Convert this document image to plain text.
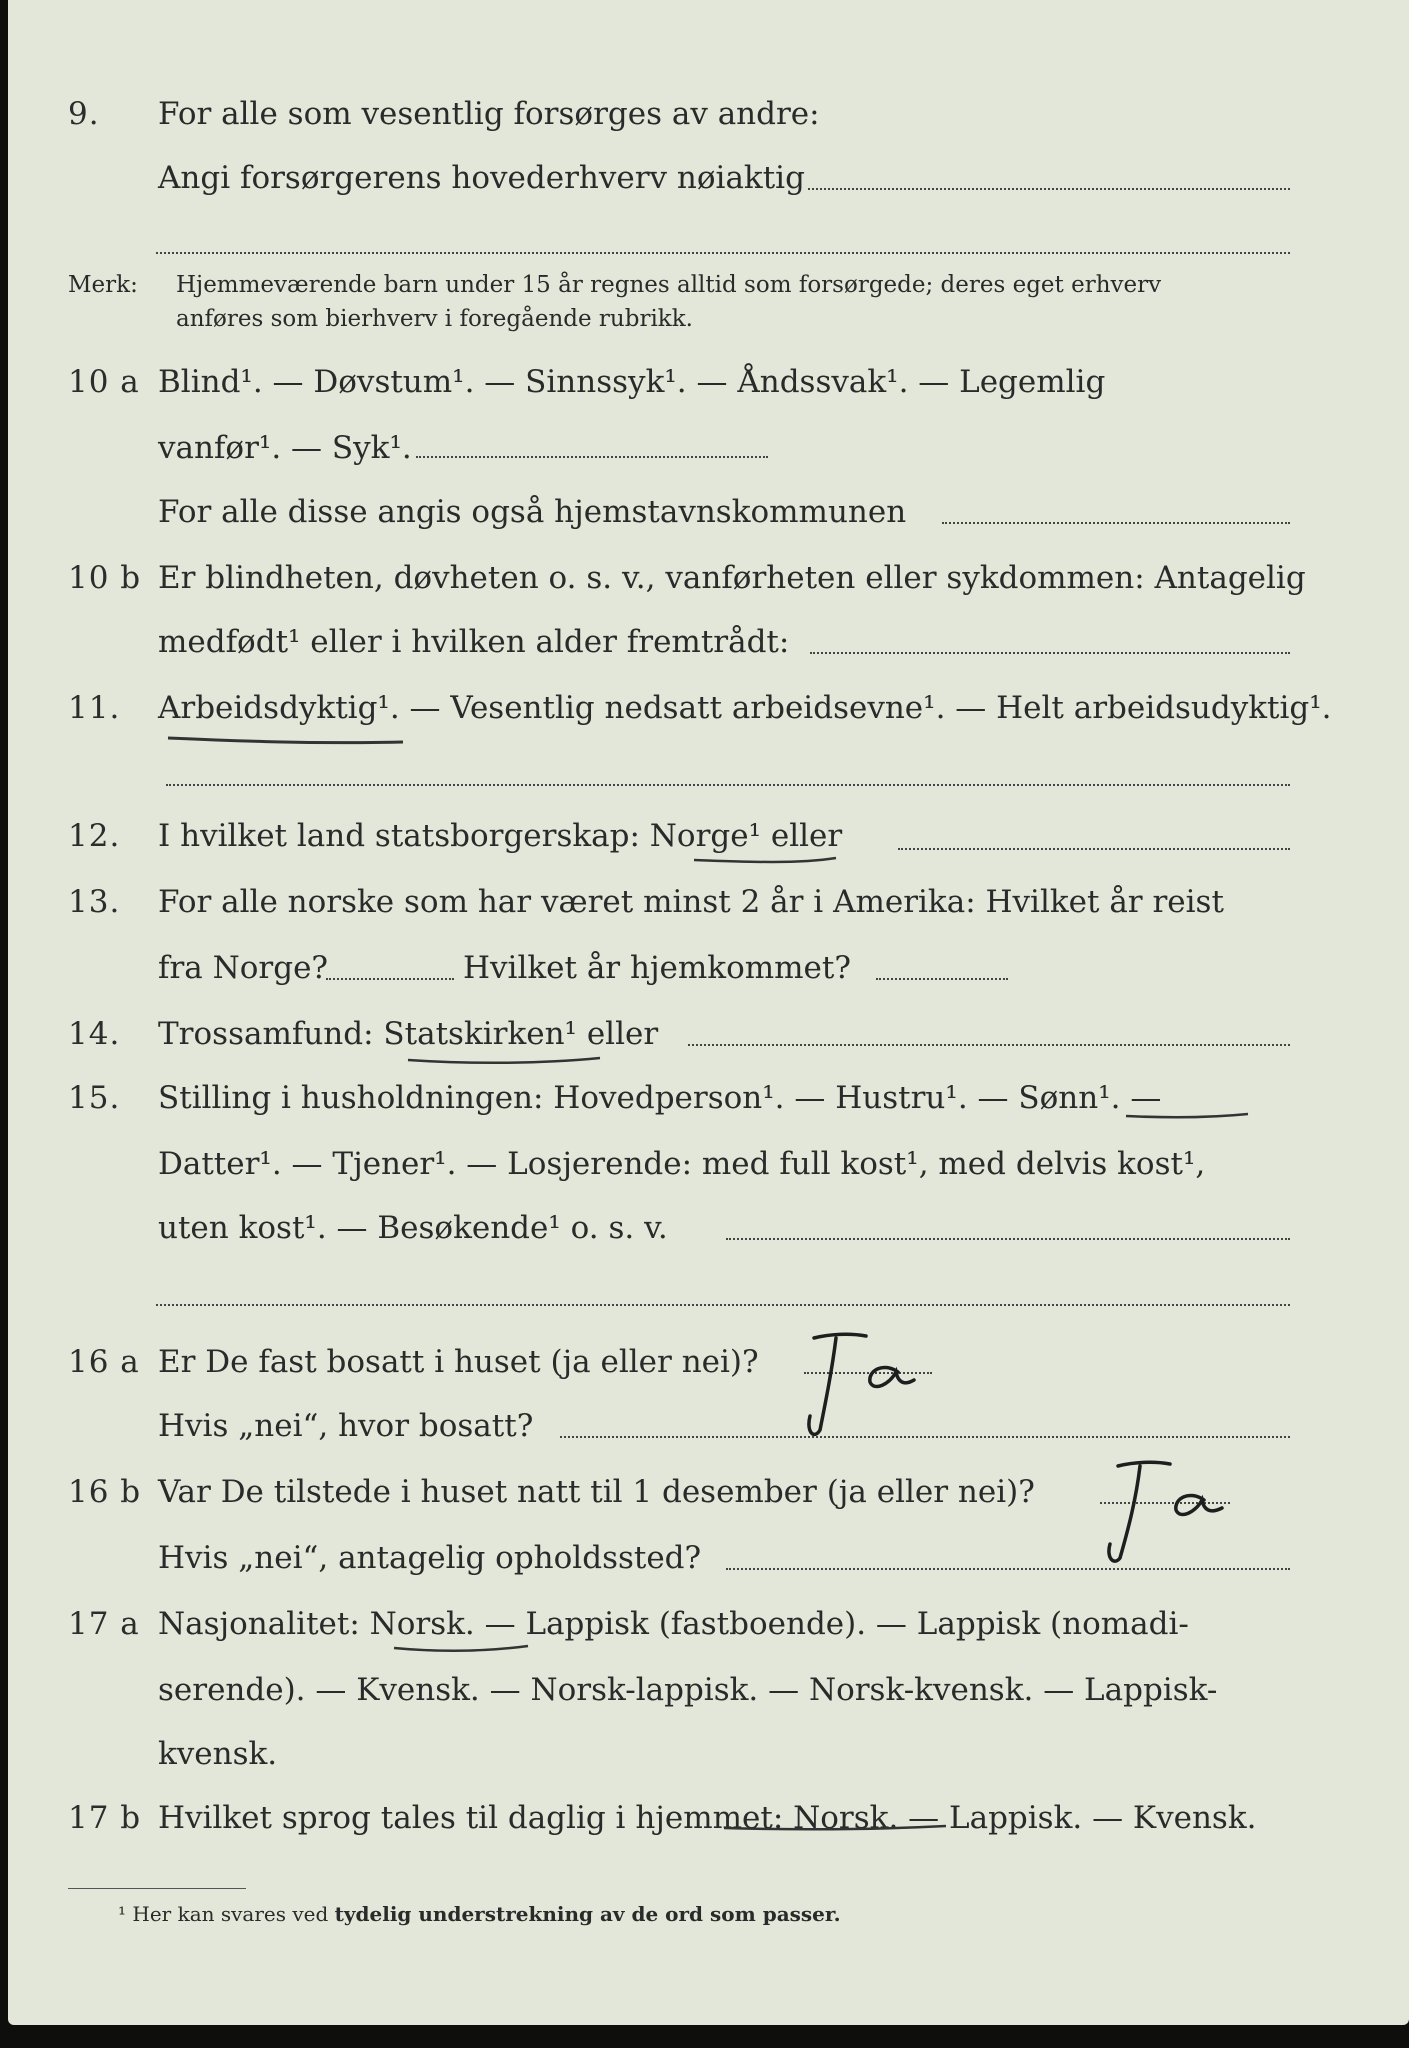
9. For alle som vesentlig forsørges av andre:
Angi forsørgerens hovederhverv nøiaktig
Merk: Hjemmeværende barn under 15 år regnes alltid som forsørgede; deres eget erhverv
anføres som bierhverv i foregående rubrikk.
10 a Blind¹. — Døvstum¹. — Sinnssyk¹. — Åndssvak¹. — Legemlig
vanfør¹. — Syk¹.
For alle disse angis også hjemstavnskommunen
10 b Er blindheten, døvheten o. s. v., vanførheten eller sykdommen: Antagelig
medfødt¹ eller i hvilken alder fremtrådt:
11. Arbeidsdyktig¹. — Vesentlig nedsatt arbeidsevne¹. — Helt arbeidsudyktig¹.
12. I hvilket land statsborgerskap: Norge¹ eller
13. For alle norske som har været minst 2 år i Amerika: Hvilket år reist
fra Norge?	Hvilket år hjemkommet?
14. Trossamfund: Statskirken¹ eller
15. Stilling i husholdningen: Hovedperson¹. — Hustru¹. — Sønn¹. —
Datter¹. — Tjener¹. — Losjerende: med full kost¹, med delvis kost¹,
uten kost¹. — Besøkende¹ o. s. v.
16 a Er De fast bosatt i huset (ja eller nei)?
Hvis „nei“, hvor bosatt?
16 b Var De tilstede i huset natt til 1 desember (ja eller nei)?
Hvis „nei“, antagelig opholdssted?
17 a Nasjonalitet: Norsk. — Lappisk (fastboende). — Lappisk (nomadi-
serende). — Kvensk. — Norsk-lappisk. — Norsk-kvensk. — Lappisk-
kvensk.
17 b Hvilket sprog tales til daglig i hjemmet: Norsk. — Lappisk. — Kvensk.
¹ Her kan svares ved tydelig understrekning av de ord som passer.
